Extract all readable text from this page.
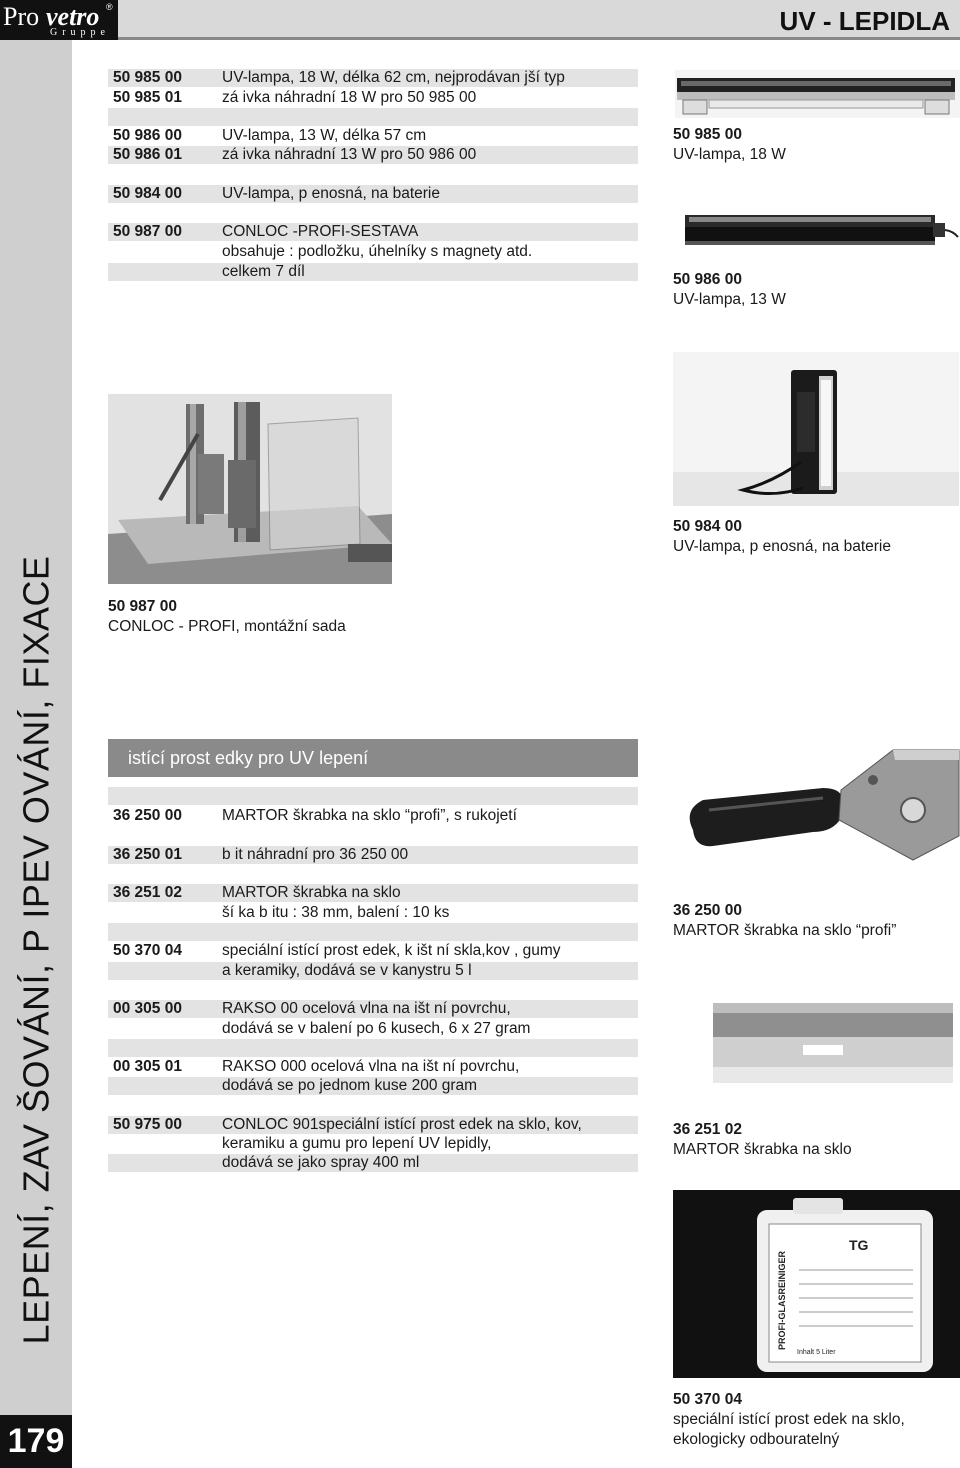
Pro vetro ®
Gruppe	UV - LEPIDLA
LEPENÍ, ZAV ŠOVÁNÍ, P IPEV OVÁNÍ, FIXACE
179
50 985 00	UV-lampa, 18 W, délka 62 cm, nejprodávan jší typ
50 985 01	zá ivka náhradní 18 W pro 50 985 00
50 986 00	UV-lampa, 13 W, délka 57 cm
50 986 01	zá ivka náhradní 13 W pro 50 986 00
50 984 00	UV-lampa, p enosná, na baterie
50 987 00	CONLOC -PROFI-SESTAVA
obsahuje : podložku, úhelníky s magnety atd.
celkem 7 díl
50 985 00
UV-lampa, 18 W
50 986 00
UV-lampa, 13 W
50 984 00
UV-lampa, p enosná, na baterie
50 987 00
CONLOC - PROFI, montážní sada
istící prost edky pro UV lepení
36 250 00	MARTOR škrabka na sklo “profi”, s rukojetí
36 250 01	b it náhradní pro 36 250 00
36 251 02	MARTOR škrabka na sklo
ší ka b itu : 38 mm, balení : 10 ks
50 370 04	speciální istící prost edek, k išt ní skla,kov , gumy
a keramiky, dodává se v kanystru 5 l
00 305 00	RAKSO 00 ocelová vlna na išt ní povrchu,
dodává se v balení po 6 kusech, 6 x 27 gram
00 305 01	RAKSO 000 ocelová vlna na išt ní povrchu,
dodává se po jednom kuse 200 gram
50 975 00	CONLOC 901speciální istící prost edek na sklo, kov,
keramiku a gumu pro lepení UV lepidly,
dodává se jako spray 400 ml
36 250 00
MARTOR škrabka na sklo “profi”
36 251 02
MARTOR škrabka na sklo
TG
PROFI-GLASREINIGER
Inhalt 5 Liter
50 370 04
speciální istící prost edek na sklo,
ekologicky odbouratelný
